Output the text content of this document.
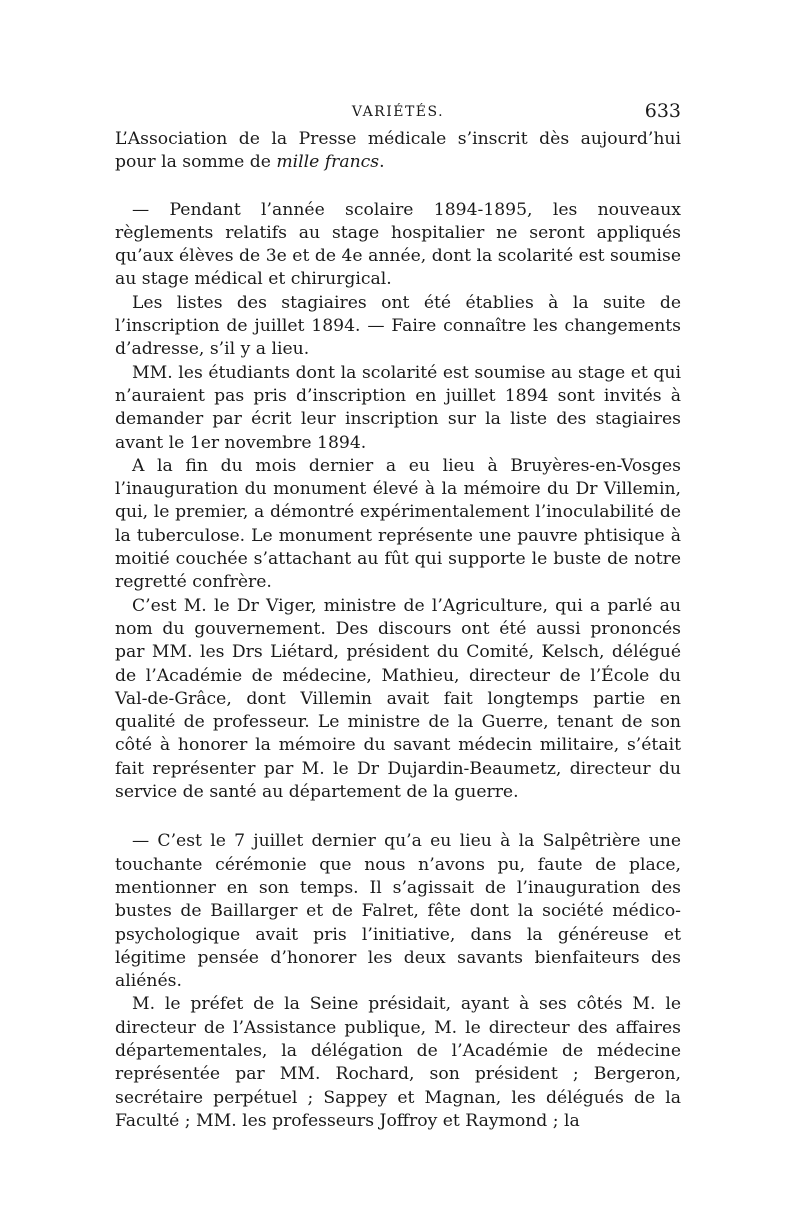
VARIÉTÉS.	633

L’Association de la Presse médicale s’inscrit dès aujourd’hui pour la somme de mille francs.

— Pendant l’année scolaire 1894-1895, les nouveaux règlements relatifs au stage hospitalier ne seront appliqués qu’aux élèves de 3e et de 4e année, dont la scolarité est soumise au stage médical et chirurgical.

Les listes des stagiaires ont été établies à la suite de l’inscription de juillet 1894. — Faire connaître les changements d’adresse, s’il y a lieu.

MM. les étudiants dont la scolarité est soumise au stage et qui n’auraient pas pris d’inscription en juillet 1894 sont invités à demander par écrit leur inscription sur la liste des stagiaires avant le 1er novembre 1894.

A la fin du mois dernier a eu lieu à Bruyères-en-Vosges l’inauguration du monument élevé à la mémoire du Dr Villemin, qui, le premier, a démontré expérimentalement l’inoculabilité de la tuberculose. Le monument représente une pauvre phtisique à moitié couchée s’attachant au fût qui supporte le buste de notre regretté confrère.

C’est M. le Dr Viger, ministre de l’Agriculture, qui a parlé au nom du gouvernement. Des discours ont été aussi prononcés par MM. les Drs Liétard, président du Comité, Kelsch, délégué de l’Académie de médecine, Mathieu, directeur de l’École du Val-de-Grâce, dont Villemin avait fait longtemps partie en qualité de professeur. Le ministre de la Guerre, tenant de son côté à honorer la mémoire du savant médecin militaire, s’était fait représenter par M. le Dr Dujardin-Beaumetz, directeur du service de santé au département de la guerre.

— C’est le 7 juillet dernier qu’a eu lieu à la Salpêtrière une touchante cérémonie que nous n’avons pu, faute de place, mentionner en son temps. Il s’agissait de l’inauguration des bustes de Baillarger et de Falret, fête dont la société médico-psychologique avait pris l’initiative, dans la généreuse et légitime pensée d’honorer les deux savants bienfaiteurs des aliénés.

M. le préfet de la Seine présidait, ayant à ses côtés M. le directeur de l’Assistance publique, M. le directeur des affaires départementales, la délégation de l’Académie de médecine représentée par MM. Rochard, son président ; Bergeron, secrétaire perpétuel ; Sappey et Magnan, les délégués de la Faculté ; MM. les professeurs Joffroy et Raymond ; la
